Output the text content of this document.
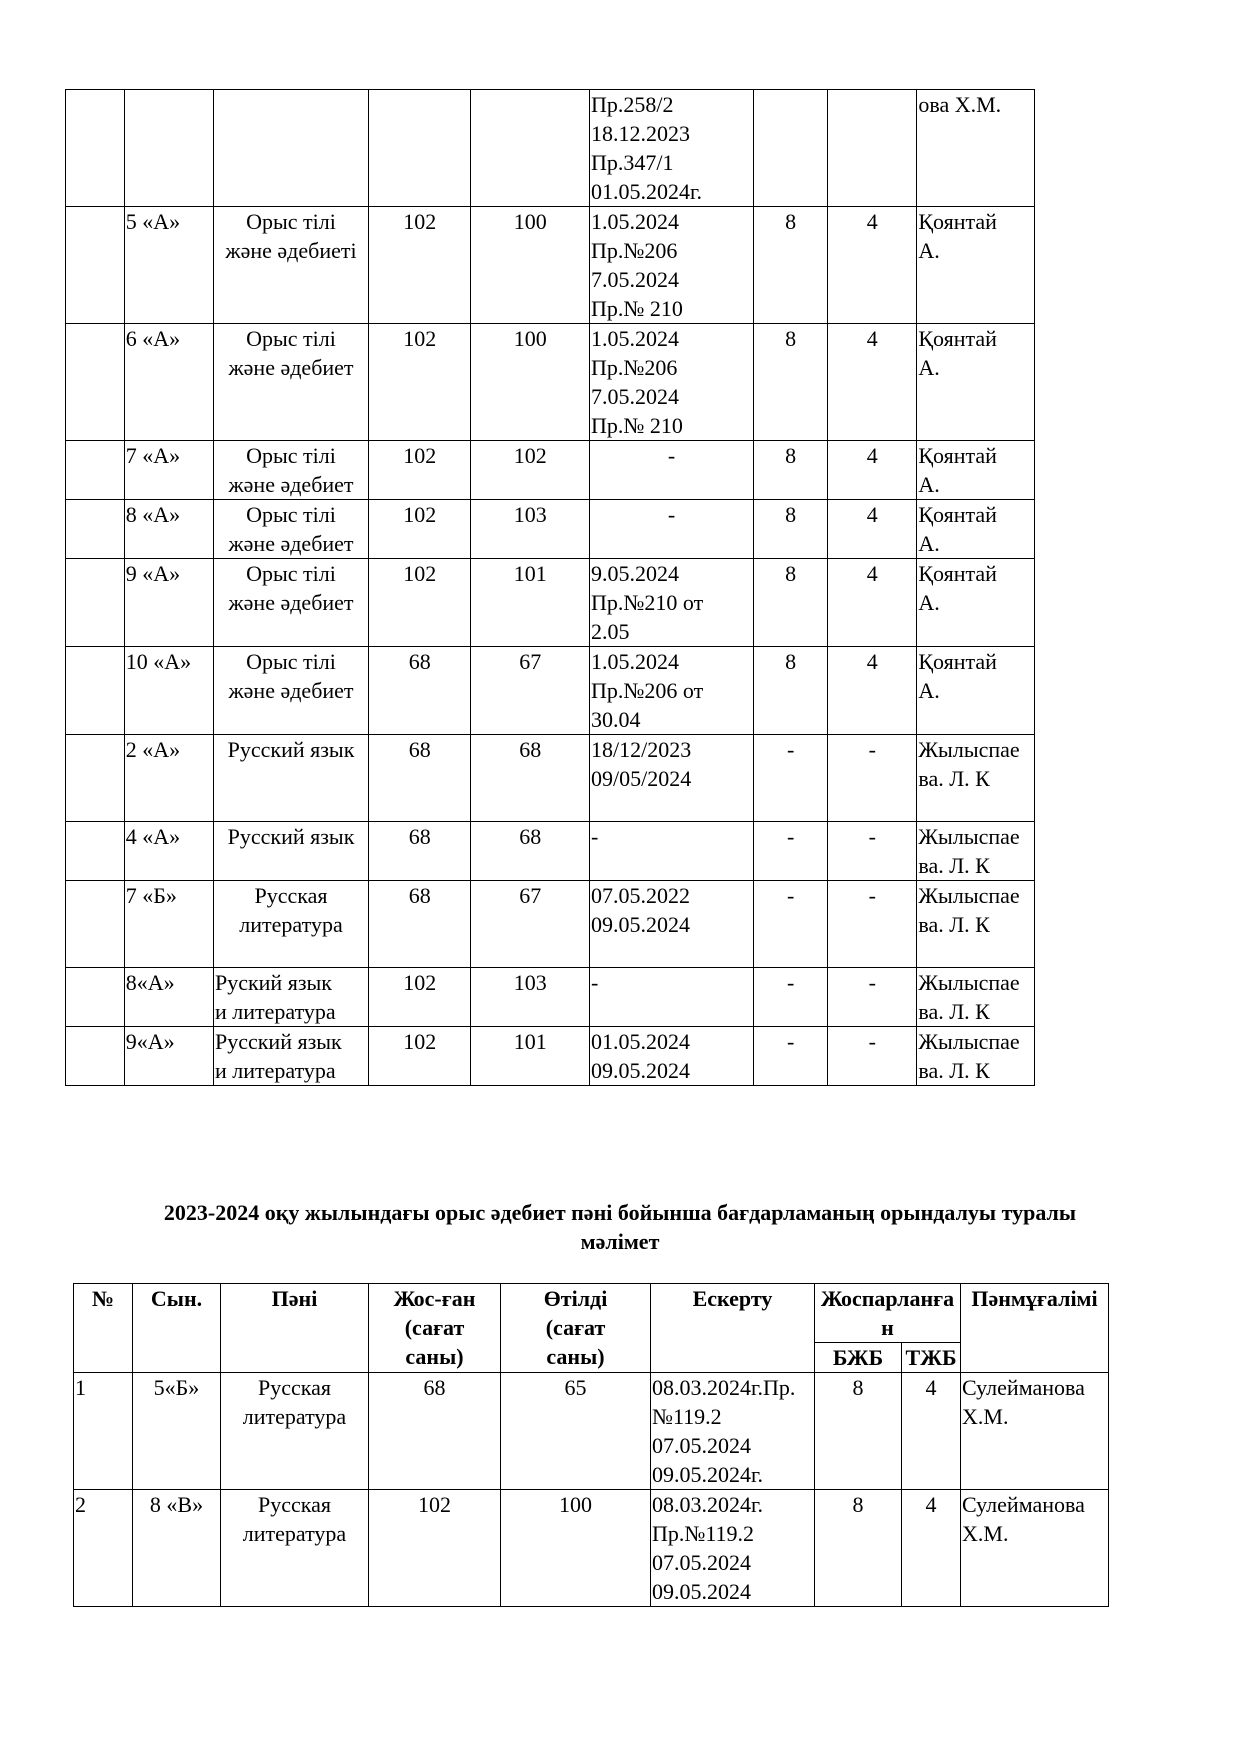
					Пр.258/2
18.12.2023
Пр.347/1
01.05.2024г.			ова Х.М.
	5 «А»	Орыс тілі
және әдебиеті	102	100	1.05.2024
Пр.№206
7.05.2024
Пр.№ 210	8	4	Қоянтай
А.
	6 «А»	Орыс тілі
және әдебиет	102	100	1.05.2024
Пр.№206
7.05.2024
Пр.№ 210	8	4	Қоянтай
А.
	7 «А»	Орыс тілі
және әдебиет	102	102	-	8	4	Қоянтай
А.
	8 «А»	Орыс тілі
және әдебиет	102	103	-	8	4	Қоянтай
А.
	9 «А»	Орыс тілі
және әдебиет	102	101	9.05.2024
Пр.№210 от
2.05	8	4	Қоянтай
А.
	10 «А»	Орыс тілі
және әдебиет	68	67	1.05.2024
Пр.№206 от
30.04	8	4	Қоянтай
А.
	2 «А»	Русский язык	68	68	18/12/2023
09/05/2024	-	-	Жылыспае
ва. Л. К
	4 «А»	Русский язык	68	68	-	-	-	Жылыспае
ва. Л. К
	7 «Б»	Русская
литература	68	67	07.05.2022
09.05.2024	-	-	Жылыспае
ва. Л. К
	8«А»	Руский язык
и литература	102	103	-	-	-	Жылыспае
ва. Л. К
	9«А»	Русский язык
и литература	102	101	01.05.2024
09.05.2024	-	-	Жылыспае
ва. Л. К
2023-2024 оқу жылындағы орыс әдебиет пәні бойынша бағдарламаның орындалуы туралы мәлімет
№	Сын.	Пәні	Жос-ған
(сағат
саны)	Өтілді
(сағат
саны)	Ескерту	Жоспарланған		Пәнмұғалімі
						БЖБ	ТЖБ	
1	5«Б»	Русская
литература	68	65	08.03.2024г.Пр.№119.2
07.05.2024
09.05.2024г.	8	4	Сулейманова
Х.М.
2	8 «В»	Русская
литература	102	100	08.03.2024г.
Пр.№119.2
07.05.2024
09.05.2024	8	4	Сулейманова
Х.М.
